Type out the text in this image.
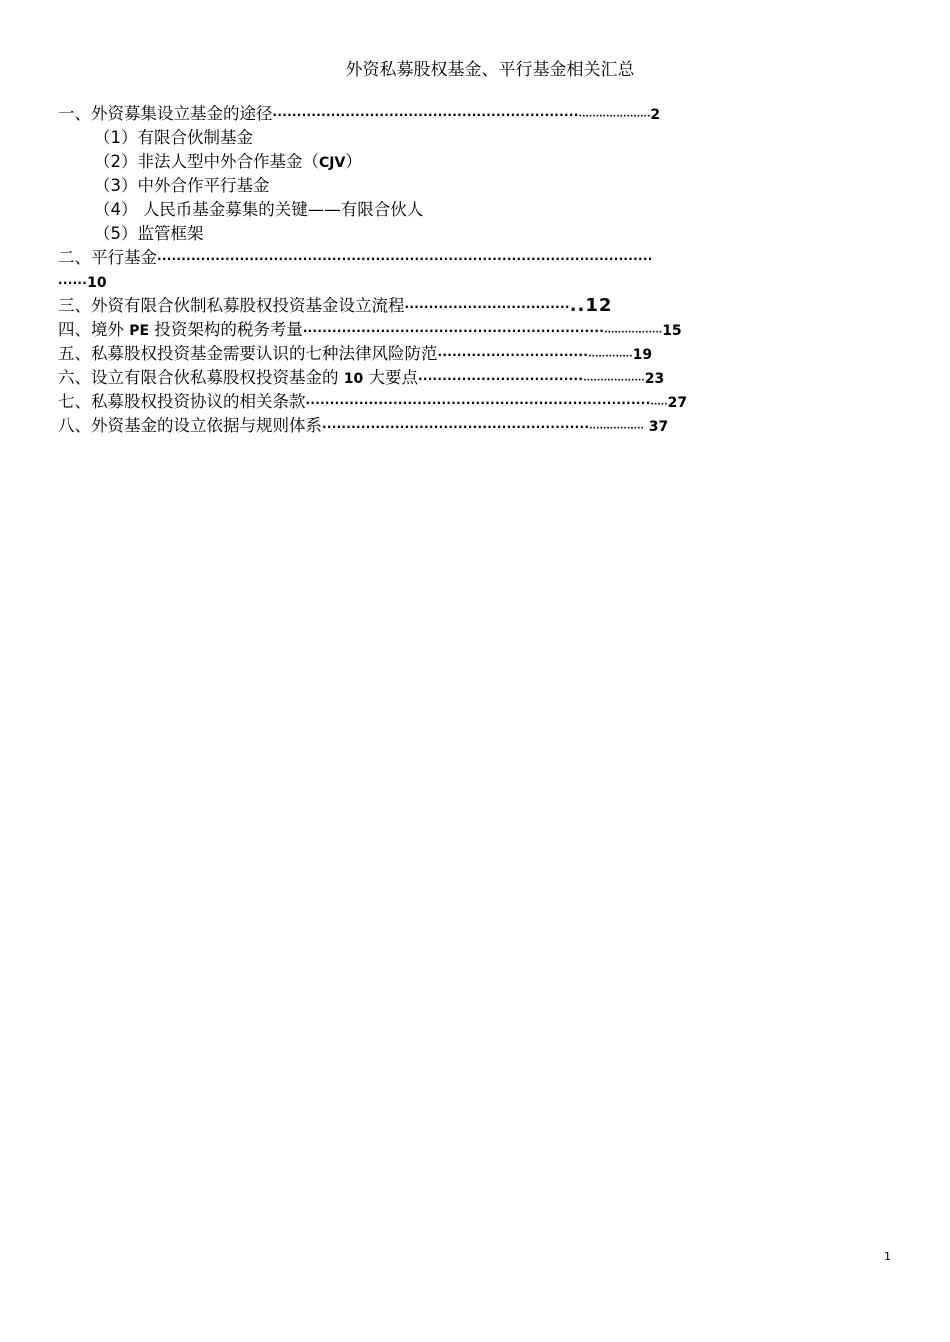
外资私募股权基金、平行基金相关汇总
一、外资募集设立基金的途径····················································································2
（1）有限合伙制基金
（2）非法人型中外合作基金（CJV）
（3）中外合作平行基金
（4） 人民币基金募集的关键——有限合伙人
（5）监管框架
二、平行基金······································································································
······10
三、外资有限合伙制私募股权投资基金设立流程··································..12
四、境外 PE 投资架构的税务考量···············································································15
五、私募股权投资基金需要认识的七种法律风险防范············································19
六、设立有限合伙私募股权投资基金的 10 大要点····················································23
七、私募股权投资协议的相关条款············································································27
八、外资基金的设立依据与规则体系······································································· 37
1
